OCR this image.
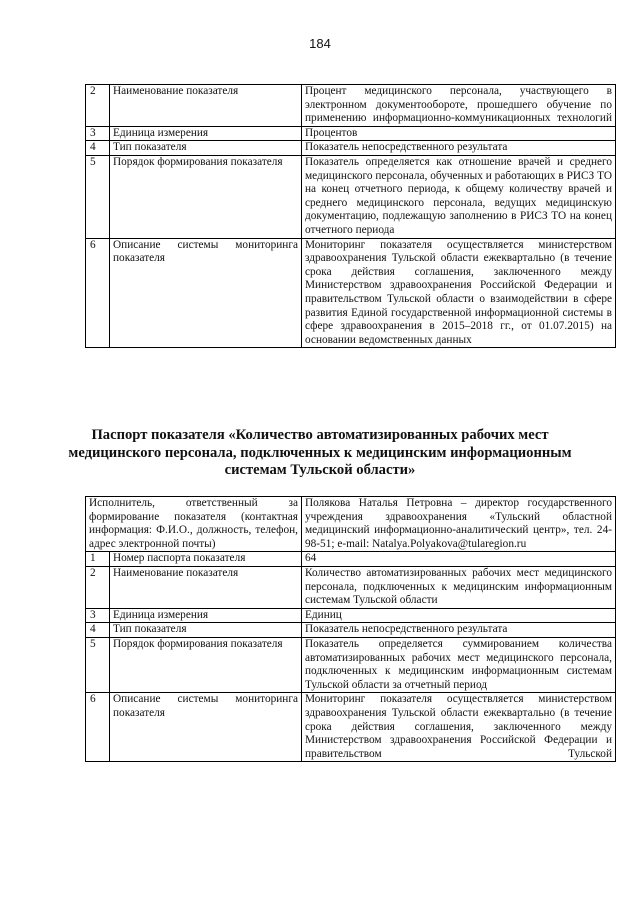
184
2	Наименование показателя	Процент медицинского персонала, участвующего в электронном документообороте, прошедшего обучение по применению информационно-коммуникационных технологий
3	Единица измерения	Процентов
4	Тип показателя	Показатель непосредственного результата
5	Порядок формирования показателя	Показатель определяется как отношение врачей и среднего медицинского персонала, обученных и работающих в РИСЗ ТО на конец отчетного периода, к общему количеству врачей и среднего медицинского персонала, ведущих медицинскую документацию, подлежащую заполнению в РИСЗ ТО на конец отчетного периода
6	Описание системы мониторинга показателя	Мониторинг показателя осуществляется министерством здравоохранения Тульской области ежеквартально (в течение срока действия соглашения, заключенного между Министерством здравоохранения Российской Федерации и правительством Тульской области о взаимодействии в сфере развития Единой государственной информационной системы в сфере здравоохранения в 2015–2018 гг., от 01.07.2015) на основании ведомственных данных
Паспорт показателя «Количество автоматизированных рабочих мест медицинского персонала, подключенных к медицинским информационным системам Тульской области»
Исполнитель, ответственный за формирование показателя (контактная информация: Ф.И.О., должность, телефон, адрес электронной почты)		Полякова Наталья Петровна – директор государственного учреждения здравоохранения «Тульский областной медицинский информационно-аналитический центр», тел. 24-98-51; e-mail: Natalya.Polyakova@tularegion.ru
1	Номер паспорта показателя	64
2	Наименование показателя	Количество автоматизированных рабочих мест медицинского персонала, подключенных к медицинским информационным системам Тульской области
3	Единица измерения	Единиц
4	Тип показателя	Показатель непосредственного результата
5	Порядок формирования показателя	Показатель определяется суммированием количества автоматизированных рабочих мест медицинского персонала, подключенных к медицинским информационным системам Тульской области за отчетный период
6	Описание системы мониторинга показателя	Мониторинг показателя осуществляется министерством здравоохранения Тульской области ежеквартально (в течение срока действия соглашения, заключенного между Министерством здравоохранения Российской Федерации и правительством Тульской
